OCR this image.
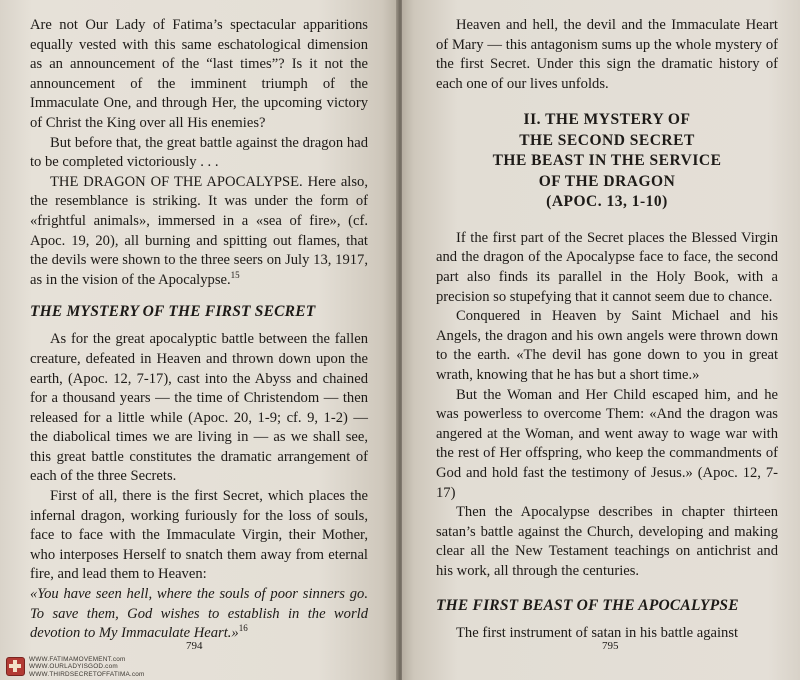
Are not Our Lady of Fatima’s spectacular apparitions equally vested with this same eschatological dimension as an announcement of the “last times”? Is it not the announcement of the imminent triumph of the Immaculate One, and through Her, the upcoming victory of Christ the King over all His enemies?

But before that, the great battle against the dragon had to be completed victoriously . . .

THE DRAGON OF THE APOCALYPSE. Here also, the resemblance is striking. It was under the form of «frightful animals», immersed in a «sea of fire», (cf. Apoc. 19, 20), all burning and spitting out flames, that the devils were shown to the three seers on July 13, 1917, as in the vision of the Apocalypse.$^{15}$

THE MYSTERY OF THE FIRST SECRET

As for the great apocalyptic battle between the fallen creature, defeated in Heaven and thrown down upon the earth, (Apoc. 12, 7-17), cast into the Abyss and chained for a thousand years — the time of Christendom — then released for a little while (Apoc. 20, 1-9; cf. 9, 1-2) — the diabolical times we are living in — as we shall see, this great battle constitutes the dramatic arrangement of each of the three Secrets.

First of all, there is the first Secret, which places the infernal dragon, working furiously for the loss of souls, face to face with the Immaculate Virgin, their Mother, who interposes Herself to snatch them away from eternal fire, and lead them to Heaven:

«You have seen hell, where the souls of poor sinners go. To save them, God wishes to establish in the world devotion to My Immaculate Heart.»$^{16}$

794

Heaven and hell, the devil and the Immaculate Heart of Mary — this antagonism sums up the whole mystery of the first Secret. Under this sign the dramatic history of each one of our lives unfolds.

II. THE MYSTERY OF
THE SECOND SECRET
THE BEAST IN THE SERVICE
OF THE DRAGON
(APOC. 13, 1-10)

If the first part of the Secret places the Blessed Virgin and the dragon of the Apocalypse face to face, the second part also finds its parallel in the Holy Book, with a precision so stupefying that it cannot seem due to chance.

Conquered in Heaven by Saint Michael and his Angels, the dragon and his own angels were thrown down to the earth. «The devil has gone down to you in great wrath, knowing that he has but a short time.»

But the Woman and Her Child escaped him, and he was powerless to overcome Them: «And the dragon was angered at the Woman, and went away to wage war with the rest of Her offspring, who keep the commandments of God and hold fast the testimony of Jesus.» (Apoc. 12, 7-17)

Then the Apocalypse describes in chapter thirteen satan’s battle against the Church, developing and making clear all the New Testament teachings on antichrist and his work, all through the centuries.

THE FIRST BEAST OF THE APOCALYPSE

The first instrument of satan in his battle against

795
WWW.FATIMAMOVEMENT.com
WWW.OURLADYISGOD.com
WWW.THIRDSECRETOFFATIMA.com
